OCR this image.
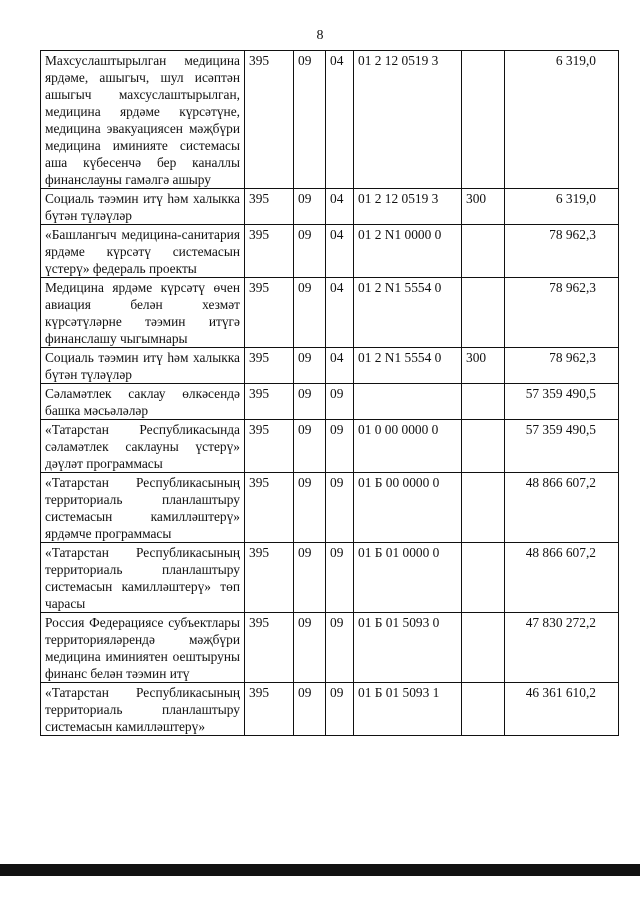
8
Махсуслаштырылган медицина ярдәме, ашыгыч, шул исәптән ашыгыч махсуслаштырылган, медицина ярдәме күрсәтүне, медицина эвакуациясен мәҗбүри медицина иминияте системасы аша күбесенчә бер каналлы финанслауны гамәлгә ашыру	395	09	04	01 2 12 0519 3		6 319,0
Социаль тәэмин итү һәм халыкка бүтән түләүләр	395	09	04	01 2 12 0519 3	300	6 319,0
«Башлангыч медицина-санитария ярдәме күрсәтү системасын үстерү» федераль проекты	395	09	04	01 2 N1 0000 0		78 962,3
Медицина ярдәме күрсәтү өчен авиация белән хезмәт күрсәтүләрне тәэмин итүгә финанслашу чыгымнары	395	09	04	01 2 N1 5554 0		78 962,3
Социаль тәэмин итү һәм халыкка бүтән түләүләр	395	09	04	01 2 N1 5554 0	300	78 962,3
Сәламәтлек саклау өлкәсендә башка мәсьәләләр	395	09	09			57 359 490,5
«Татарстан Республикасында сәламәтлек саклауны үстерү» дәүләт программасы	395	09	09	01 0 00 0000 0		57 359 490,5
«Татарстан Республикасының территориаль планлаштыру системасын камилләштерү» ярдәмче программасы	395	09	09	01 Б 00 0000 0		48 866 607,2
«Татарстан Республикасының территориаль планлаштыру системасын камилләштерү» төп чарасы	395	09	09	01 Б 01 0000 0		48 866 607,2
Россия Федерациясе субъектлары территорияләрендә мәҗбүри медицина иминиятен оештыруны финанс белән тәэмин итү	395	09	09	01 Б 01 5093 0		47 830 272,2
«Татарстан Республикасының территориаль планлаштыру системасын камилләштерү»	395	09	09	01 Б 01 5093 1		46 361 610,2
